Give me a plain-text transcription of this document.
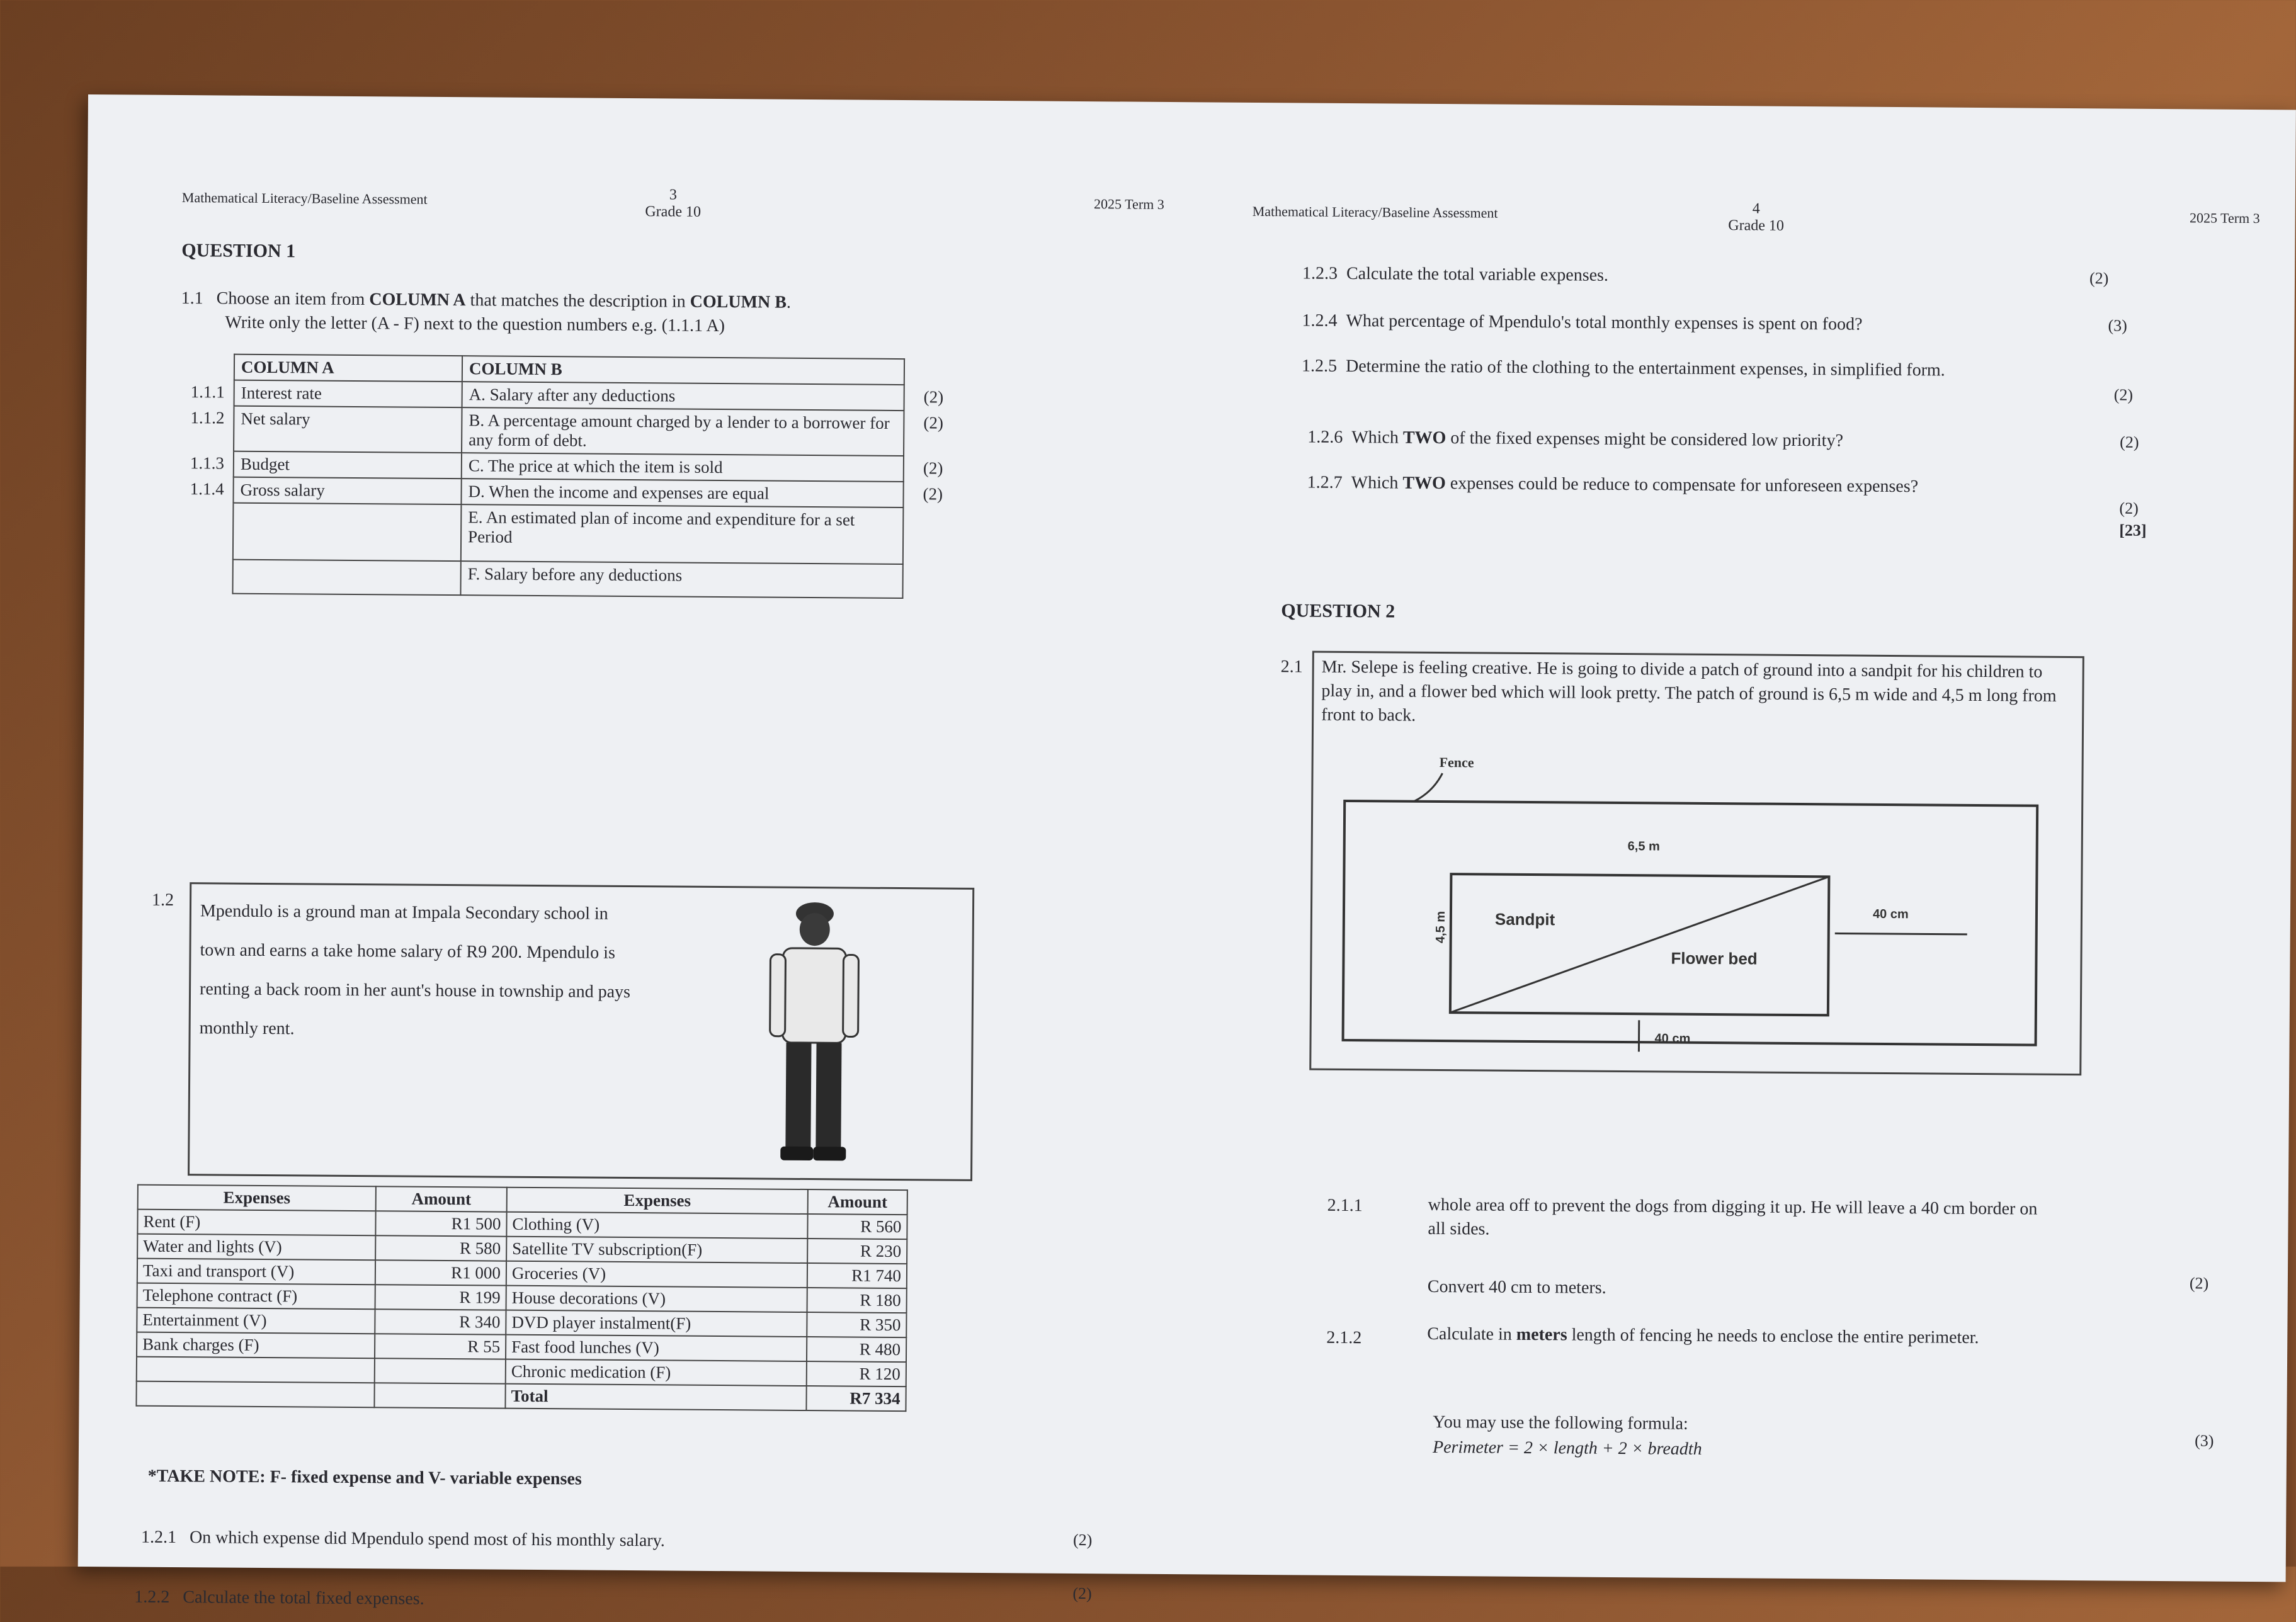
Mathematical Literacy/Baseline Assessment	3
Grade 10	2025 Term 3
QUESTION 1
1.1 Choose an item from COLUMN A that matches the description in COLUMN B.
Write only the letter (A - F) next to the question numbers e.g. (1.1.1 A)
	COLUMN A	COLUMN B	
1.1.1	Interest rate	A. Salary after any deductions	(2)
1.1.2	Net salary	B. A percentage amount charged by a lender to a borrower for any form of debt.	(2)
1.1.3	Budget	C. The price at which the item is sold	(2)
1.1.4	Gross salary	D. When the income and expenses are equal	(2)
		E. An estimated plan of income and expenditure for a set Period	
		F. Salary before any deductions	
1.2
Mpendulo is a ground man at Impala Secondary school in town and earns a take home salary of R9 200. Mpendulo is renting a back room in her aunt's house in township and pays monthly rent.
Expenses	Amount	Expenses	Amount
Rent (F)	R1 500	Clothing (V)	R 560
Water and lights (V)	R 580	Satellite TV subscription(F)	R 230
Taxi and transport (V)	R1 000	Groceries (V)	R1 740
Telephone contract (F)	R 199	House decorations (V)	R 180
Entertainment (V)	R 340	DVD player instalment(F)	R 350
Bank charges (F)	R 55	Fast food lunches (V)	R 480
		Chronic medication (F)	R 120
		Total	R7 334
*TAKE NOTE: F- fixed expense and V- variable expenses
1.2.1 On which expense did Mpendulo spend most of his monthly salary.	(2)
1.2.2 Calculate the total fixed expenses.	(2)
Mathematical Literacy/Baseline Assessment	4
Grade 10	2025 Term 3
1.2.3 Calculate the total variable expenses.	(2)
1.2.4 What percentage of Mpendulo's total monthly expenses is spent on food?	(3)
1.2.5 Determine the ratio of the clothing to the entertainment expenses, in simplified form.
(2)
1.2.6 Which TWO of the fixed expenses might be considered low priority?	(2)
1.2.7 Which TWO expenses could be reduce to compensate for unforeseen expenses?
(2)
[23]
QUESTION 2
2.1 Mr. Selepe is feeling creative. He is going to divide a patch of ground into a sandpit for his children to play in, and a flower bed which will look pretty. The patch of ground is 6,5 m wide and 4,5 m long from front to back.
Fence
6,5 m
4,5 m	Sandpit
Flower bed
40 cm
40 cm
2.1.1	whole area off to prevent the dogs from digging it up. He will leave a 40 cm border on all sides.
Convert 40 cm to meters.	(2)
2.1.2	Calculate in meters length of fencing he needs to enclose the entire perimeter.
You may use the following formula:
Perimeter = 2 × length + 2 × breadth	(3)
